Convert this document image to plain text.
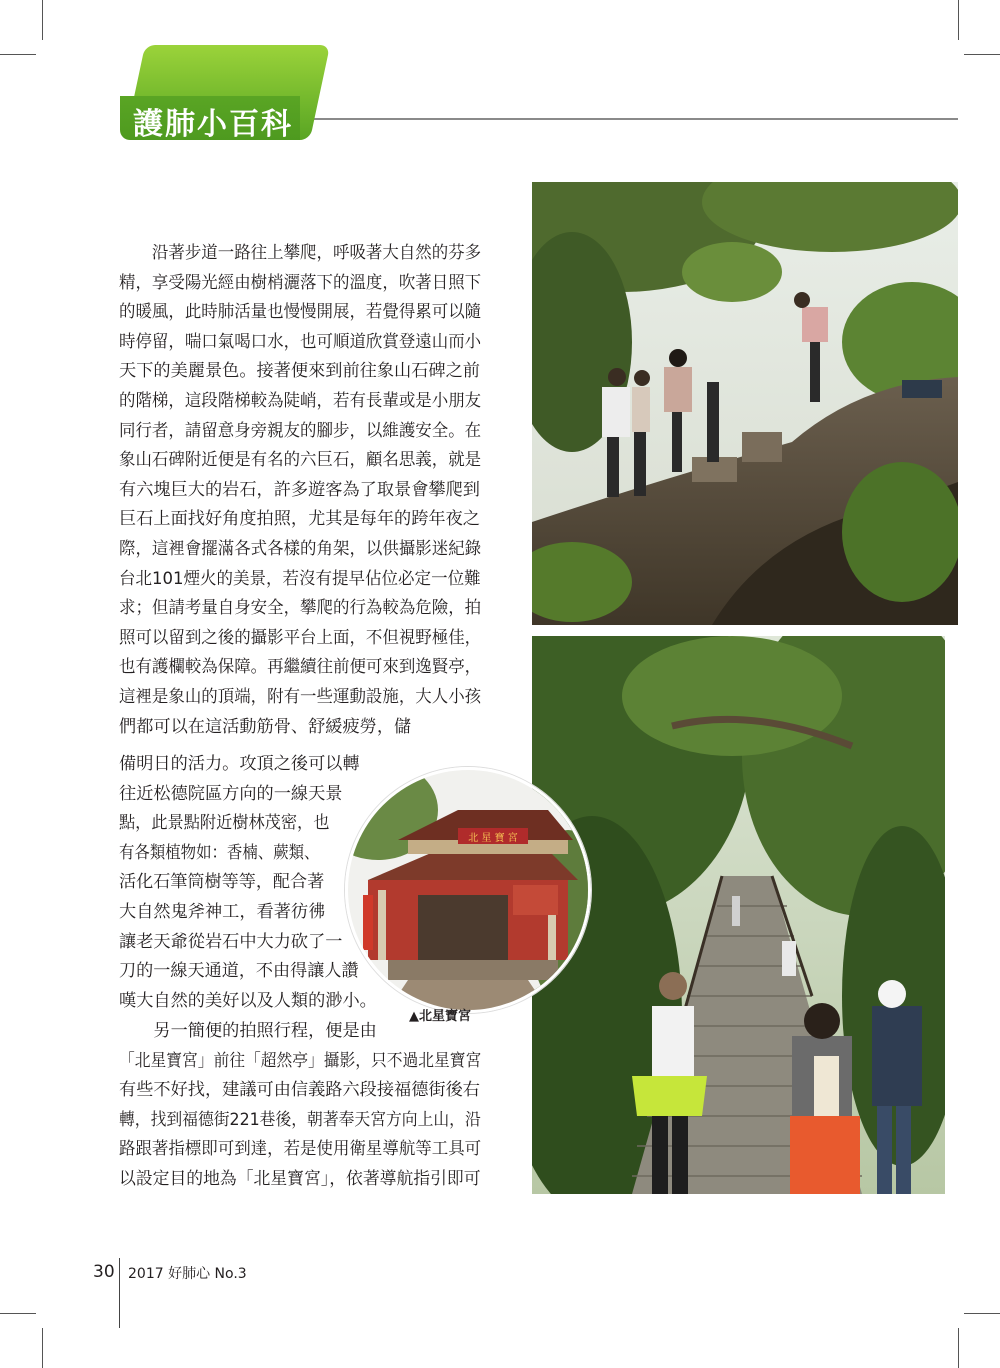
護肺小百科
　　沿著步道一路往上攀爬，呼吸著大自然的芬多
精，享受陽光經由樹梢灑落下的溫度，吹著日照下
的暖風，此時肺活量也慢慢開展，若覺得累可以隨
時停留，喘口氣喝口水，也可順道欣賞登遠山而小
天下的美麗景色。接著便來到前往象山石碑之前
的階梯，這段階梯較為陡峭，若有長輩或是小朋友
同行者，請留意身旁親友的腳步，以維護安全。在
象山石碑附近便是有名的六巨石，顧名思義，就是
有六塊巨大的岩石，許多遊客為了取景會攀爬到
巨石上面找好角度拍照，尤其是每年的跨年夜之
際，這裡會擺滿各式各樣的角架，以供攝影迷紀錄
台北101煙火的美景，若沒有提早佔位必定一位難
求；但請考量自身安全，攀爬的行為較為危險，拍
照可以留到之後的攝影平台上面，不但視野極佳，
也有護欄較為保障。再繼續往前便可來到逸賢亭，
這裡是象山的頂端，附有一些運動設施，大人小孩
們都可以在這活動筋骨、舒緩疲勞，儲
備明日的活力。攻頂之後可以轉
往近松德院區方向的一線天景
點，此景點附近樹林茂密，也
有各類植物如：香楠、蕨類、
活化石筆筒樹等等，配合著
大自然鬼斧神工，看著彷彿
讓老天爺從岩石中大力砍了一
刀的一線天通道，不由得讓人讚
嘆大自然的美好以及人類的渺小。
　　另一簡便的拍照行程，便是由
「北星寶宮」前往「超然亭」攝影，只不過北星寶宮
有些不好找，建議可由信義路六段接福德街後右
轉，找到福德街221巷後，朝著奉天宮方向上山，沿
路跟著指標即可到達，若是使用衛星導航等工具可
以設定目的地為「北星寶宮」，依著導航指引即可
北 星 寶 宮
▲北星寶宮
30 2017 好肺心 No.3
